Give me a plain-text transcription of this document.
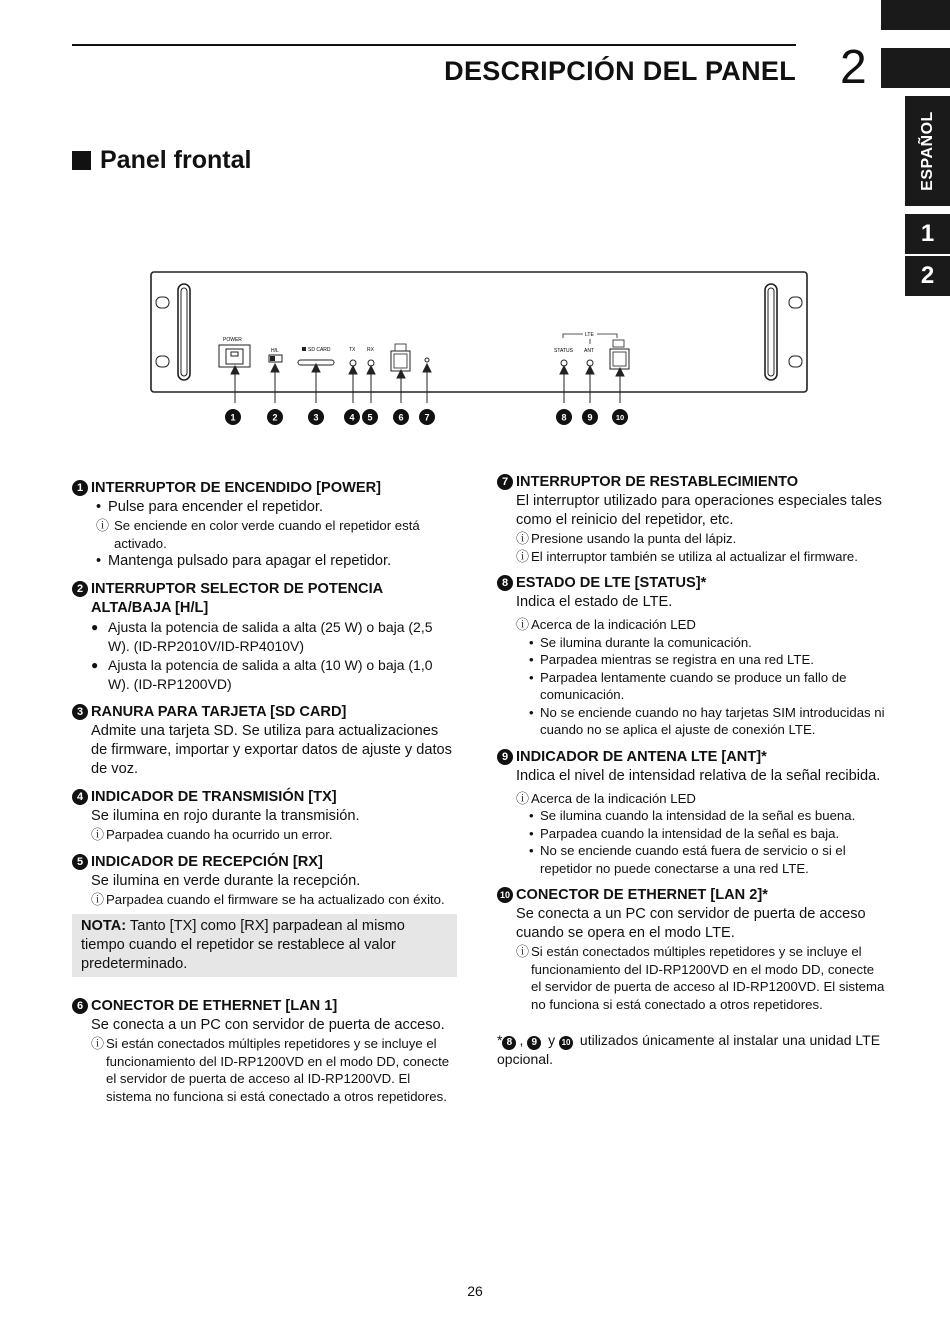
DESCRIPCIÓN DEL PANEL 2
ESPAÑOL
1
2
Panel frontal
POWER
H/L	SD CARD	TX RX
LTE
STATUS ANT
1	2	3	4 5	6 7	8 9	10
1 INTERRUPTOR DE ENCENDIDO [POWER]
• Pulse para encender el repetidor.
ⓘ Se enciende en color verde cuando el repetidor está activado.
• Mantenga pulsado para apagar el repetidor.
2 INTERRUPTOR SELECTOR DE POTENCIA ALTA/BAJA [H/L]
● Ajusta la potencia de salida a alta (25 W) o baja (2,5 W). (ID-RP2010V/ID-RP4010V)
● Ajusta la potencia de salida a alta (10 W) o baja (1,0 W). (ID-RP1200VD)
3 RANURA PARA TARJETA [SD CARD]
Admite una tarjeta SD. Se utiliza para actualizaciones de firmware, importar y exportar datos de ajuste y datos de voz.
4 INDICADOR DE TRANSMISIÓN [TX]
Se ilumina en rojo durante la transmisión.
ⓘ Parpadea cuando ha ocurrido un error.
5 INDICADOR DE RECEPCIÓN [RX]
Se ilumina en verde durante la recepción.
ⓘ Parpadea cuando el firmware se ha actualizado con éxito.
NOTA: Tanto [TX] como [RX] parpadean al mismo tiempo cuando el repetidor se restablece al valor predeterminado.
6 CONECTOR DE ETHERNET [LAN 1]
Se conecta a un PC con servidor de puerta de acceso.
ⓘ Si están conectados múltiples repetidores y se incluye el funcionamiento del ID-RP1200VD en el modo DD, conecte el servidor de puerta de acceso al ID-RP1200VD. El sistema no funciona si está conectado a otros repetidores.
7 INTERRUPTOR DE RESTABLECIMIENTO
El interruptor utilizado para operaciones especiales tales como el reinicio del repetidor, etc.
ⓘ Presione usando la punta del lápiz.
ⓘ El interruptor también se utiliza al actualizar el firmware.
8 ESTADO DE LTE [STATUS]*
Indica el estado de LTE.
ⓘ Acerca de la indicación LED
• Se ilumina durante la comunicación.
• Parpadea mientras se registra en una red LTE.
• Parpadea lentamente cuando se produce un fallo de comunicación.
• No se enciende cuando no hay tarjetas SIM introducidas ni cuando no se aplica el ajuste de conexión LTE.
9 INDICADOR DE ANTENA LTE [ANT]*
Indica el nivel de intensidad relativa de la señal recibida.
ⓘ Acerca de la indicación LED
• Se ilumina cuando la intensidad de la señal es buena.
• Parpadea cuando la intensidad de la señal es baja.
• No se enciende cuando está fuera de servicio o si el repetidor no puede conectarse a una red LTE.
10 CONECTOR DE ETHERNET [LAN 2]*
Se conecta a un PC con servidor de puerta de acceso cuando se opera en el modo LTE.
ⓘ Si están conectados múltiples repetidores y se incluye el funcionamiento del ID-RP1200VD en el modo DD, conecte el servidor de puerta de acceso al ID-RP1200VD. El sistema no funciona si está conectado a otros repetidores.
* 8 , 9 y 10 utilizados únicamente al instalar una unidad LTE opcional.
26
